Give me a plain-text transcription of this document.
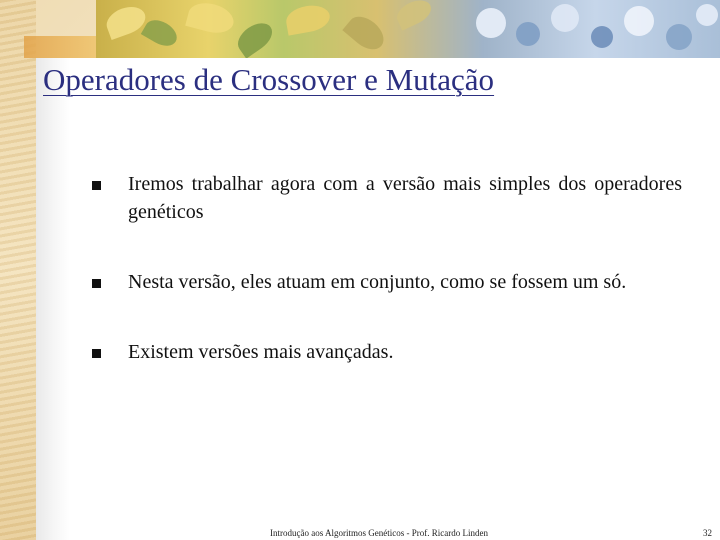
Operadores de Crossover e Mutação
Iremos trabalhar agora com a versão mais simples dos operadores genéticos
Nesta versão, eles atuam em conjunto, como se fossem um só.
Existem versões mais avançadas.
Introdução aos Algoritmos Genéticos - Prof. Ricardo Linden	32
